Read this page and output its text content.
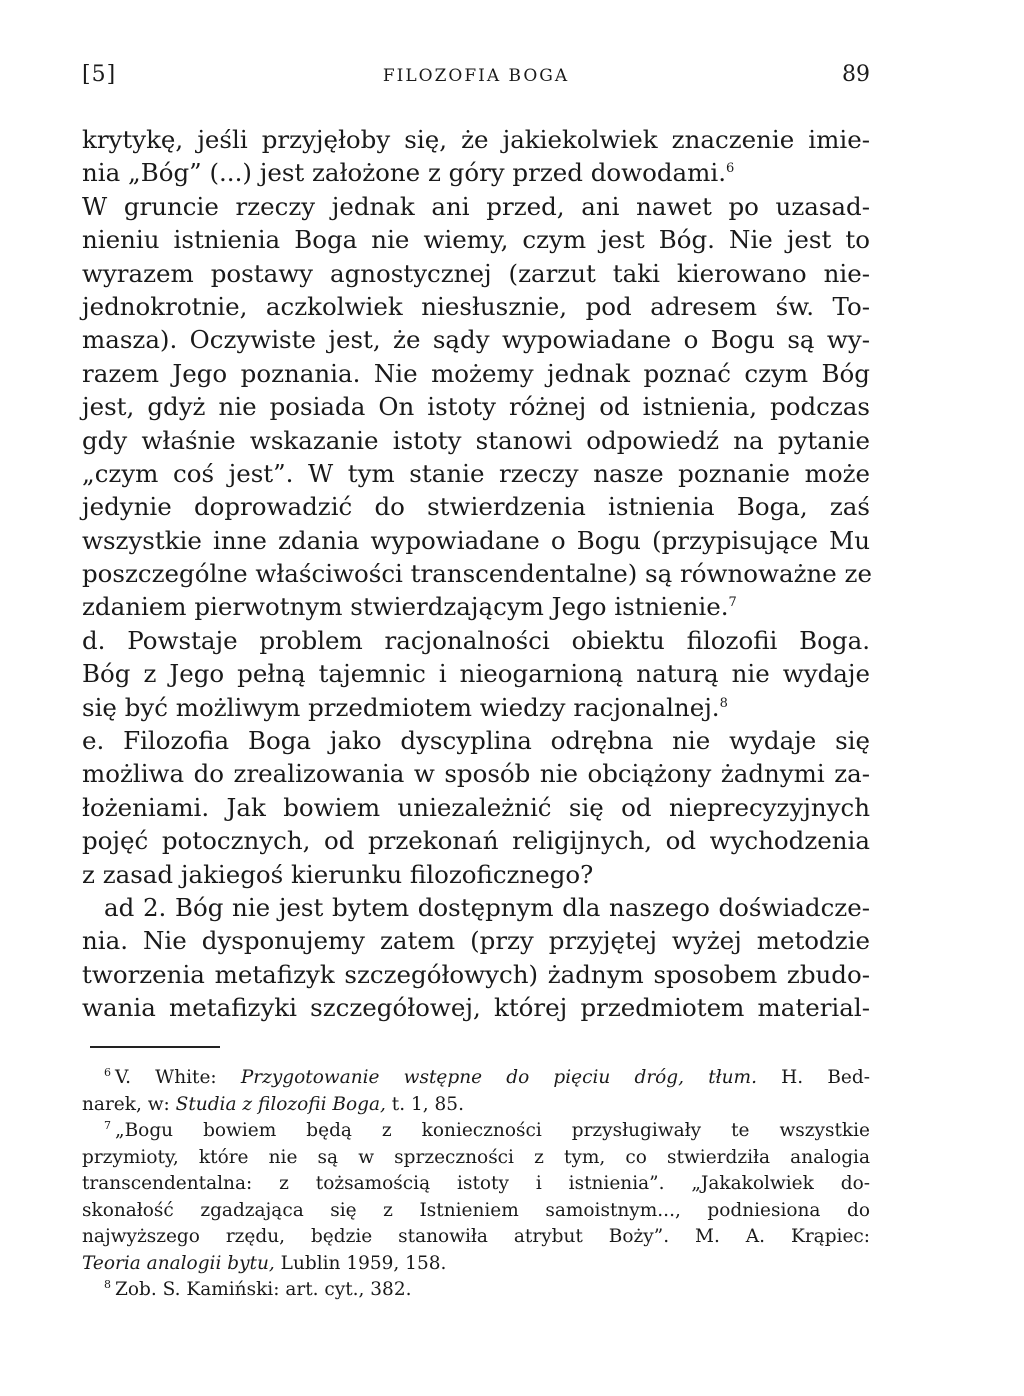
[5]	FILOZOFIA BOGA	89
krytykę, jeśli przyjęłoby się, że jakiekolwiek znaczenie imie-
nia „Bóg” (...) jest założone z góry przed dowodami.$^6$
W gruncie rzeczy jednak ani przed, ani nawet po uzasad-
nieniu istnienia Boga nie wiemy, czym jest Bóg. Nie jest to
wyrazem postawy agnostycznej (zarzut taki kierowano nie-
jednokrotnie, aczkolwiek niesłusznie, pod adresem św. To-
masza). Oczywiste jest, że sądy wypowiadane o Bogu są wy-
razem Jego poznania. Nie możemy jednak poznać czym Bóg
jest, gdyż nie posiada On istoty różnej od istnienia, podczas
gdy właśnie wskazanie istoty stanowi odpowiedź na pytanie
„czym coś jest”. W tym stanie rzeczy nasze poznanie może
jedynie doprowadzić do stwierdzenia istnienia Boga, zaś
wszystkie inne zdania wypowiadane o Bogu (przypisujące Mu
poszczególne właściwości transcendentalne) są równoważne ze
zdaniem pierwotnym stwierdzającym Jego istnienie.$^7$
d. Powstaje problem racjonalności obiektu filozofii Boga.
Bóg z Jego pełną tajemnic i nieogarnioną naturą nie wydaje
się być możliwym przedmiotem wiedzy racjonalnej.$^8$
e. Filozofia Boga jako dyscyplina odrębna nie wydaje się
możliwa do zrealizowania w sposób nie obciążony żadnymi za-
łożeniami. Jak bowiem uniezależnić się od nieprecyzyjnych
pojęć potocznych, od przekonań religijnych, od wychodzenia
z zasad jakiegoś kierunku filozoficznego?
ad 2. Bóg nie jest bytem dostępnym dla naszego doświadcze-
nia. Nie dysponujemy zatem (przy przyjętej wyżej metodzie
tworzenia metafizyk szczegółowych) żadnym sposobem zbudo-
wania metafizyki szczegółowej, której przedmiotem material-
$^6$ V. White: Przygotowanie wstępne do pięciu dróg, tłum. H. Bed-
narek, w: Studia z filozofii Boga, t. 1, 85.
$^7$ „Bogu bowiem będą z konieczności przysługiwały te wszystkie
przymioty, które nie są w sprzeczności z tym, co stwierdziła analogia
transcendentalna: z tożsamością istoty i istnienia”. „Jakakolwiek do-
skonałość zgadzająca się z Istnieniem samoistnym..., podniesiona do
najwyższego rzędu, będzie stanowiła atrybut Boży”. M. A. Krąpiec:
Teoria analogii bytu, Lublin 1959, 158.
$^8$ Zob. S. Kamiński: art. cyt., 382.
